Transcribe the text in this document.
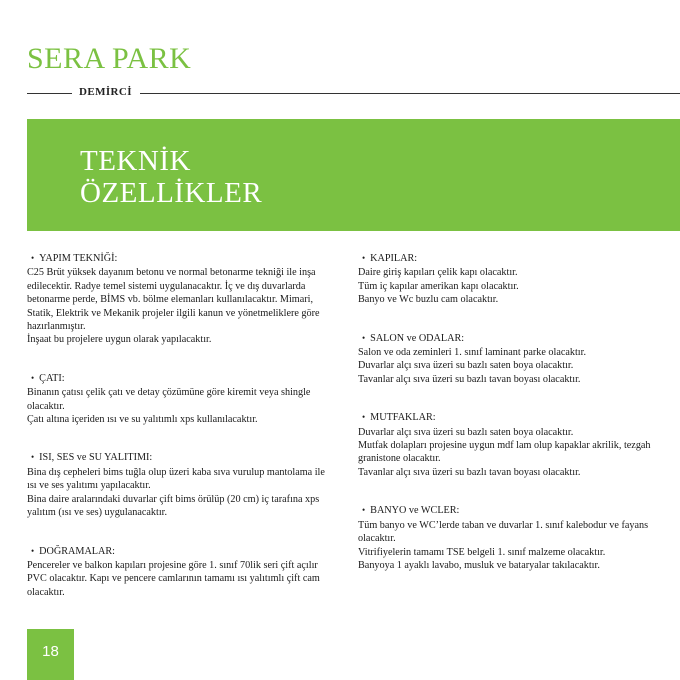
SERA PARK
DEMİRCİ
TEKNİK
ÖZELLİKLER
• YAPIM TEKNİĞİ:

C25 Brüt yüksek dayanım betonu ve normal betonarme tekniği ile inşa edilecektir. Radye temel sistemi uygulanacaktır. İç ve dış duvarlarda betonarme perde, BİMS vb. bölme elemanları kullanılacaktır. Mimari, Statik, Elektrik ve Mekanik projeler ilgili kanun ve yönetmeliklere göre hazırlanmıştır.

İnşaat bu projelere uygun olarak yapılacaktır.

• ÇATI:

Binanın çatısı çelik çatı ve detay çözümüne göre kiremit veya shingle olacaktır.

Çatı altına içeriden ısı ve su yalıtımlı xps kullanılacaktır.

• ISI, SES ve SU YALITIMI:

Bina dış cepheleri bims tuğla olup üzeri kaba sıva vurulup mantolama ile ısı ve ses yalıtımı yapılacaktır.

Bina daire aralarındaki duvarlar çift bims örülüp (20 cm) iç tarafına xps yalıtım (ısı ve ses) uygulanacaktır.

• DOĞRAMALAR:

Pencereler ve balkon kapıları projesine göre 1. sınıf 70lik seri çift açılır PVC olacaktır. Kapı ve pencere camlarının tamamı ısı yalıtımlı çift cam olacaktır.

• KAPILAR:

Daire giriş kapıları çelik kapı olacaktır.

Tüm iç kapılar amerikan kapı olacaktır.

Banyo ve Wc buzlu cam olacaktır.

• SALON ve ODALAR:

Salon ve oda zeminleri 1. sınıf laminant parke olacaktır.

Duvarlar alçı sıva üzeri su bazlı saten boya olacaktır.

Tavanlar alçı sıva üzeri su bazlı tavan boyası olacaktır.

• MUTFAKLAR:

Duvarlar alçı sıva üzeri su bazlı saten boya olacaktır.

Mutfak dolapları projesine uygun mdf lam olup kapaklar akrilik, tezgah granistone olacaktır.

Tavanlar alçı sıva üzeri su bazlı tavan boyası olacaktır.

• BANYO ve WCLER:

Tüm banyo ve WC’lerde taban ve duvarlar 1. sınıf kalebodur ve fayans olacaktır.

Vitrifiyelerin tamamı TSE belgeli 1. sınıf malzeme olacaktır.

Banyoya 1 ayaklı lavabo, musluk ve bataryalar takılacaktır.

18
